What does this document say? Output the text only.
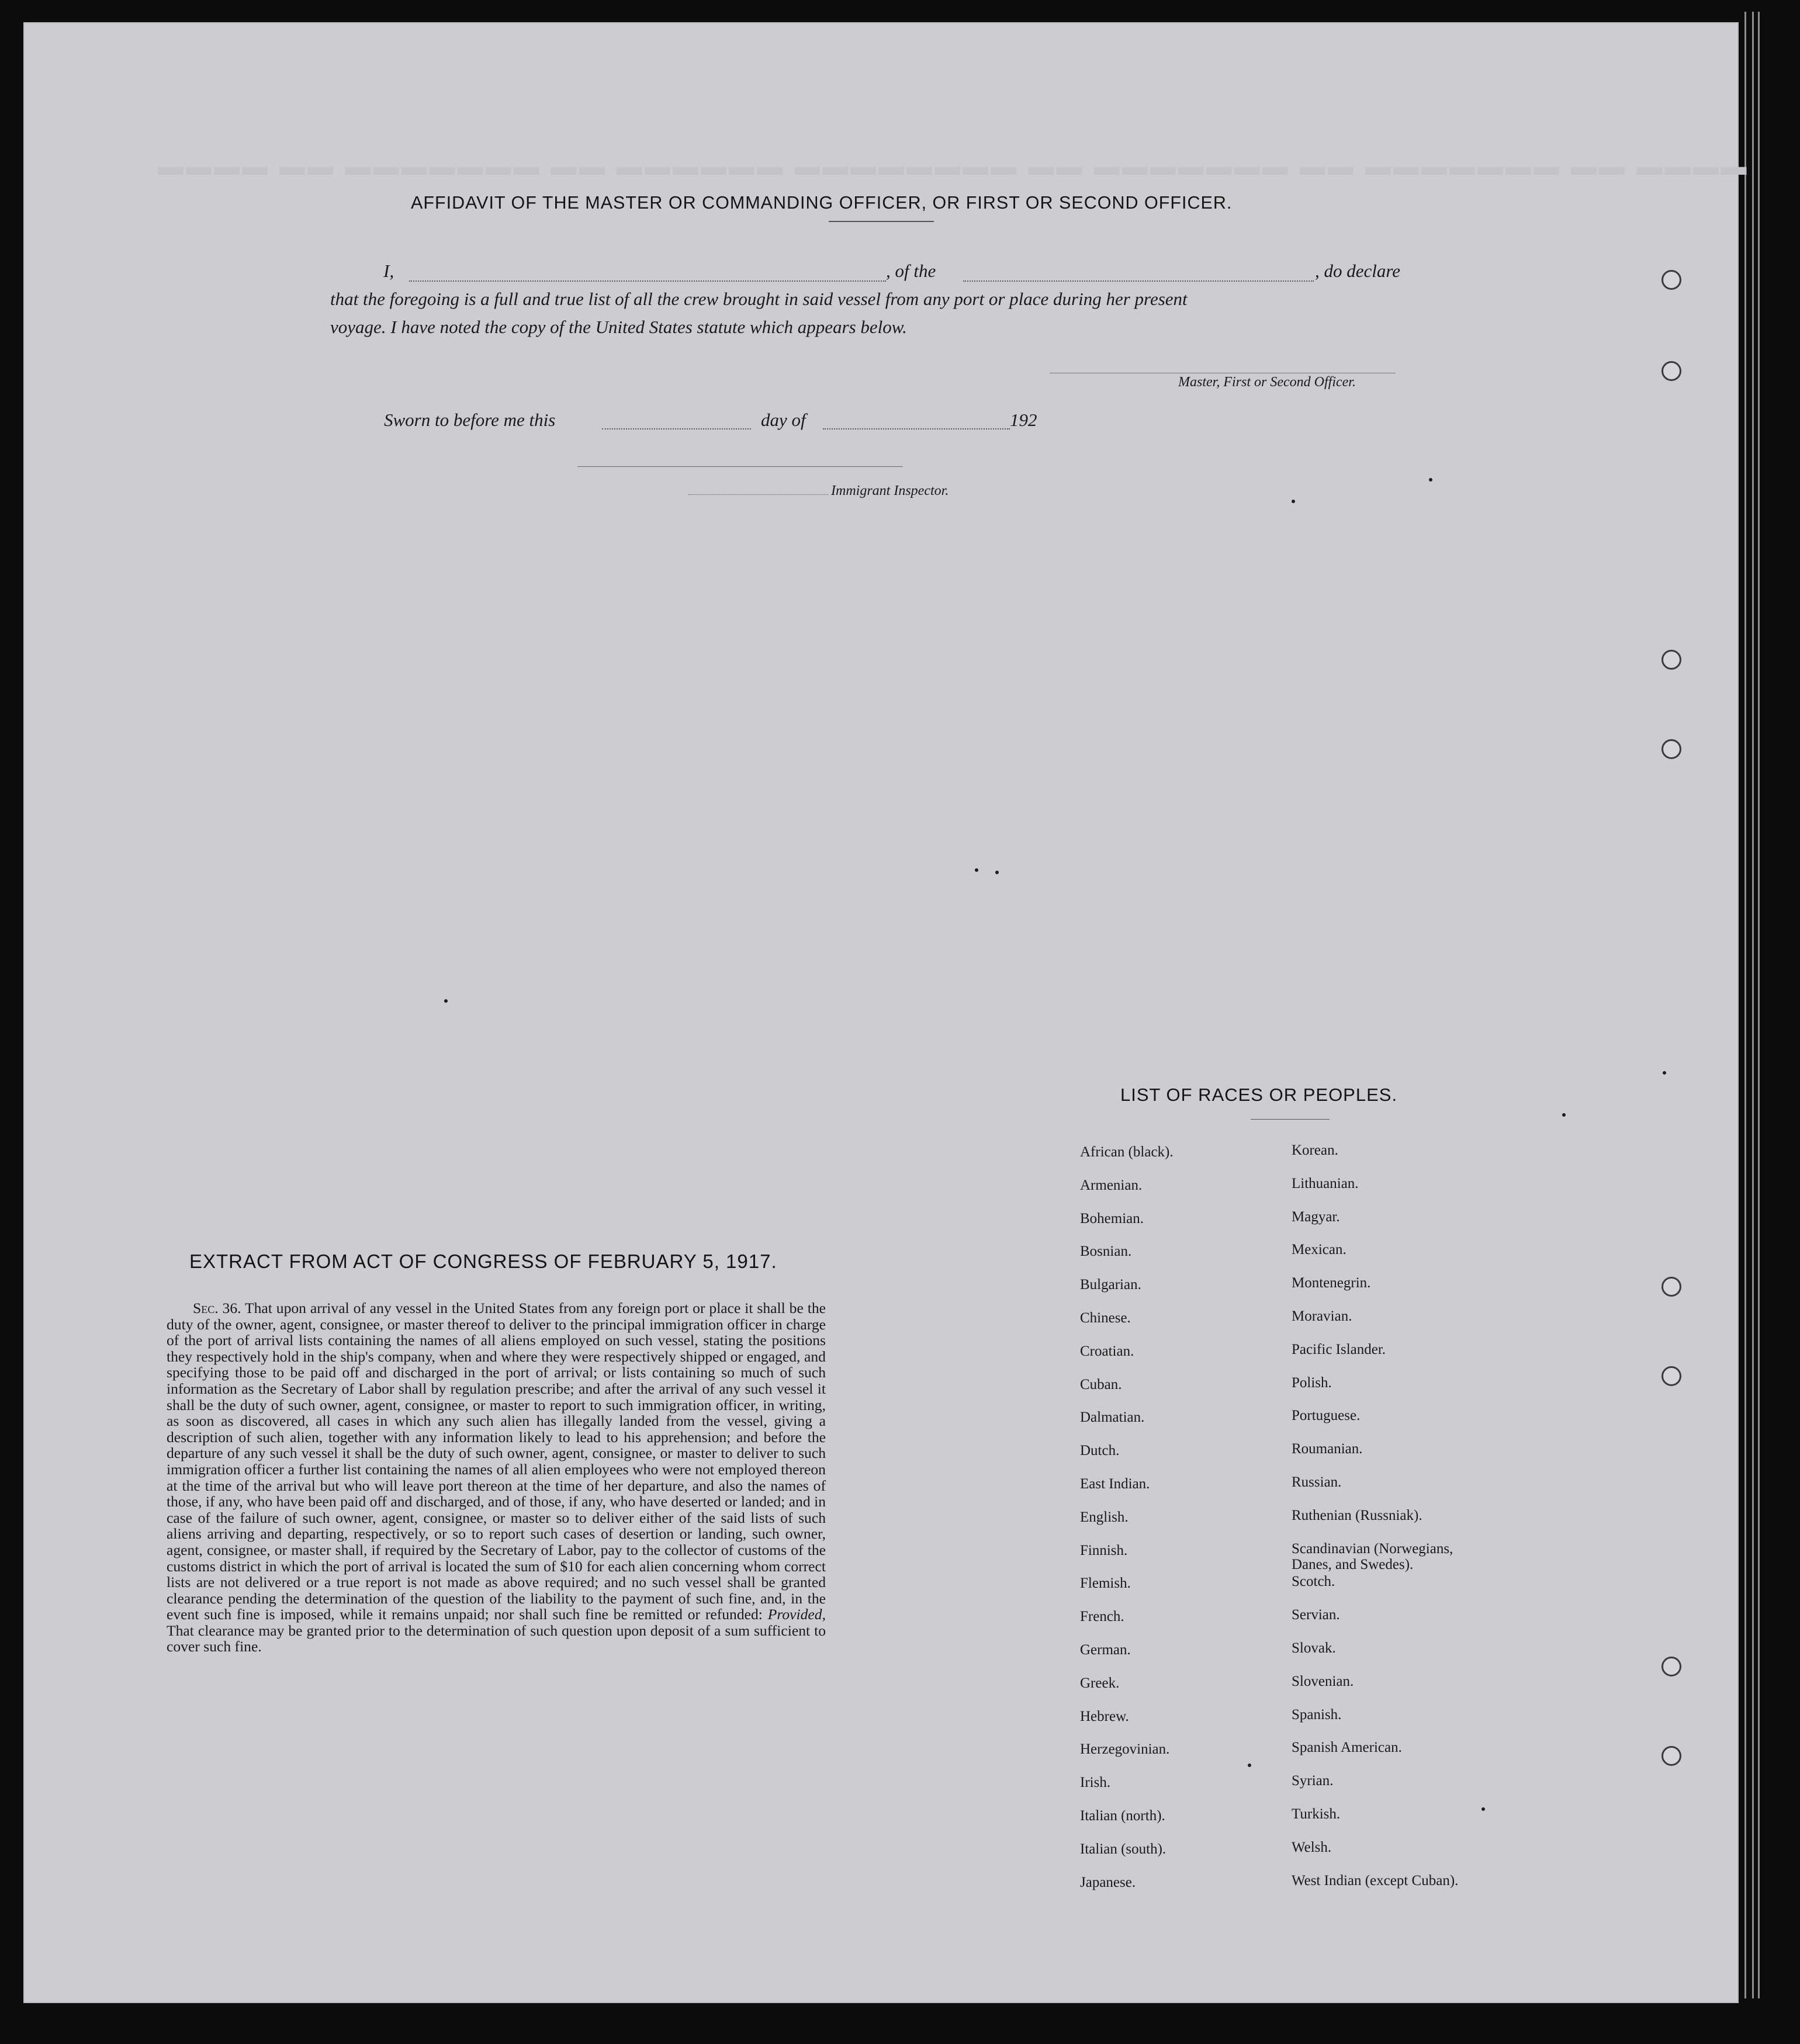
▬▬▬▬ ▬▬ ▬▬▬▬▬▬▬ ▬▬ ▬▬▬▬▬▬ ▬▬▬▬▬▬▬▬ ▬▬ ▬▬▬▬▬▬▬ ▬▬ ▬▬▬▬▬▬▬ ▬▬ ▬▬▬▬
AFFIDAVIT OF THE MASTER OR COMMANDING OFFICER, OR FIRST OR SECOND OFFICER.
I,	, of the	, do declare
that the foregoing is a full and true list of all the crew brought in said vessel from any port or place during her present
voyage. I have noted the copy of the United States statute which appears below.
Master, First or Second Officer.
Sworn to before me this	day of	192
Immigrant Inspector.
EXTRACT FROM ACT OF CONGRESS OF FEBRUARY 5, 1917.
Sec. 36. That upon arrival of any vessel in the United States from any foreign port or place it shall be the duty of the owner, agent, consignee, or master thereof to deliver to the principal immigration officer in charge of the port of arrival lists containing the names of all aliens employed on such vessel, stating the positions they respectively hold in the ship's company, when and where they were respectively shipped or engaged, and specifying those to be paid off and discharged in the port of arrival; or lists containing so much of such information as the Secretary of Labor shall by regulation prescribe; and after the arrival of any such vessel it shall be the duty of such owner, agent, consignee, or master to report to such immigration officer, in writing, as soon as discovered, all cases in which any such alien has illegally landed from the vessel, giving a description of such alien, together with any information likely to lead to his apprehension; and before the departure of any such vessel it shall be the duty of such owner, agent, consignee, or master to deliver to such immigration officer a further list containing the names of all alien employees who were not employed thereon at the time of the arrival but who will leave port thereon at the time of her departure, and also the names of those, if any, who have been paid off and discharged, and of those, if any, who have deserted or landed; and in case of the failure of such owner, agent, consignee, or master so to deliver either of the said lists of such aliens arriving and departing, respectively, or so to report such cases of desertion or landing, such owner, agent, consignee, or master shall, if required by the Secretary of Labor, pay to the collector of customs of the customs district in which the port of arrival is located the sum of $10 for each alien concerning whom correct lists are not delivered or a true report is not made as above required; and no such vessel shall be granted clearance pending the determination of the question of the liability to the payment of such fine, and, in the event such fine is imposed, while it remains unpaid; nor shall such fine be remitted or refunded: Provided, That clearance may be granted prior to the determination of such question upon deposit of a sum sufficient to cover such fine.
LIST OF RACES OR PEOPLES.
African (black).
Armenian.
Bohemian.
Bosnian.
Bulgarian.
Chinese.
Croatian.
Cuban.
Dalmatian.
Dutch.
East Indian.
English.
Finnish.
Flemish.
French.
German.
Greek.
Hebrew.
Herzegovinian.
Irish.
Italian (north).
Italian (south).
Japanese.
Korean.
Lithuanian.
Magyar.
Mexican.
Montenegrin.
Moravian.
Pacific Islander.
Polish.
Portuguese.
Roumanian.
Russian.
Ruthenian (Russniak).
Scandinavian (Norwegians,
Danes, and Swedes).
Scotch.
Servian.
Slovak.
Slovenian.
Spanish.
Spanish American.
Syrian.
Turkish.
Welsh.
West Indian (except Cuban).
